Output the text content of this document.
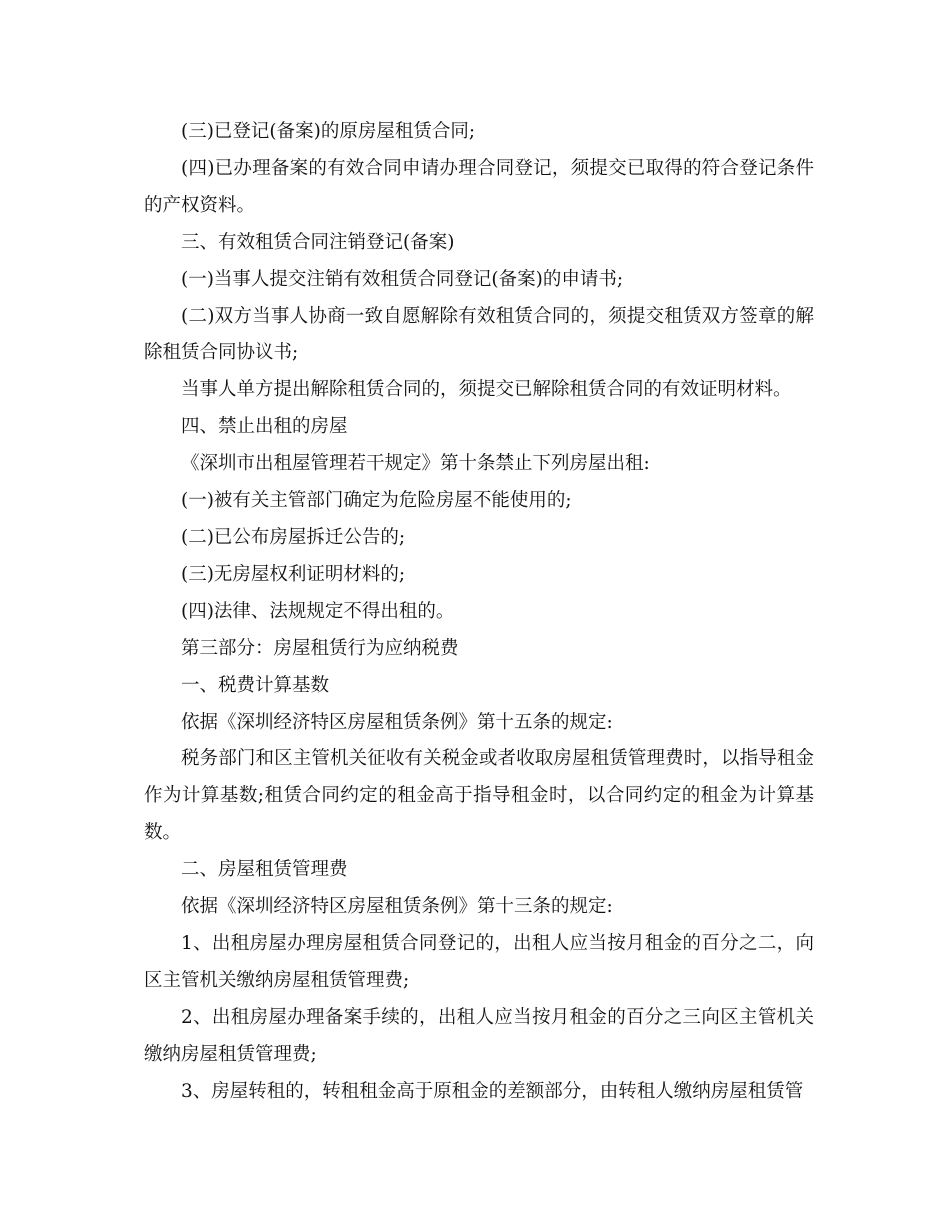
(三)已登记(备案)的原房屋租赁合同;

(四)已办理备案的有效合同申请办理合同登记，须提交已取得的符合登记条件的产权资料。

三、有效租赁合同注销登记(备案)

(一)当事人提交注销有效租赁合同登记(备案)的申请书;

(二)双方当事人协商一致自愿解除有效租赁合同的，须提交租赁双方签章的解除租赁合同协议书;

当事人单方提出解除租赁合同的，须提交已解除租赁合同的有效证明材料。

四、禁止出租的房屋

《深圳市出租屋管理若干规定》第十条禁止下列房屋出租:

(一)被有关主管部门确定为危险房屋不能使用的;

(二)已公布房屋拆迁公告的;

(三)无房屋权利证明材料的;

(四)法律、法规规定不得出租的。

第三部分：房屋租赁行为应纳税费

一、税费计算基数

依据《深圳经济特区房屋租赁条例》第十五条的规定:

税务部门和区主管机关征收有关税金或者收取房屋租赁管理费时，以指导租金作为计算基数;租赁合同约定的租金高于指导租金时，以合同约定的租金为计算基数。

二、房屋租赁管理费

依据《深圳经济特区房屋租赁条例》第十三条的规定:

1、出租房屋办理房屋租赁合同登记的，出租人应当按月租金的百分之二，向区主管机关缴纳房屋租赁管理费;

2、出租房屋办理备案手续的，出租人应当按月租金的百分之三向区主管机关缴纳房屋租赁管理费;

3、房屋转租的，转租租金高于原租金的差额部分，由转租人缴纳房屋租赁管
